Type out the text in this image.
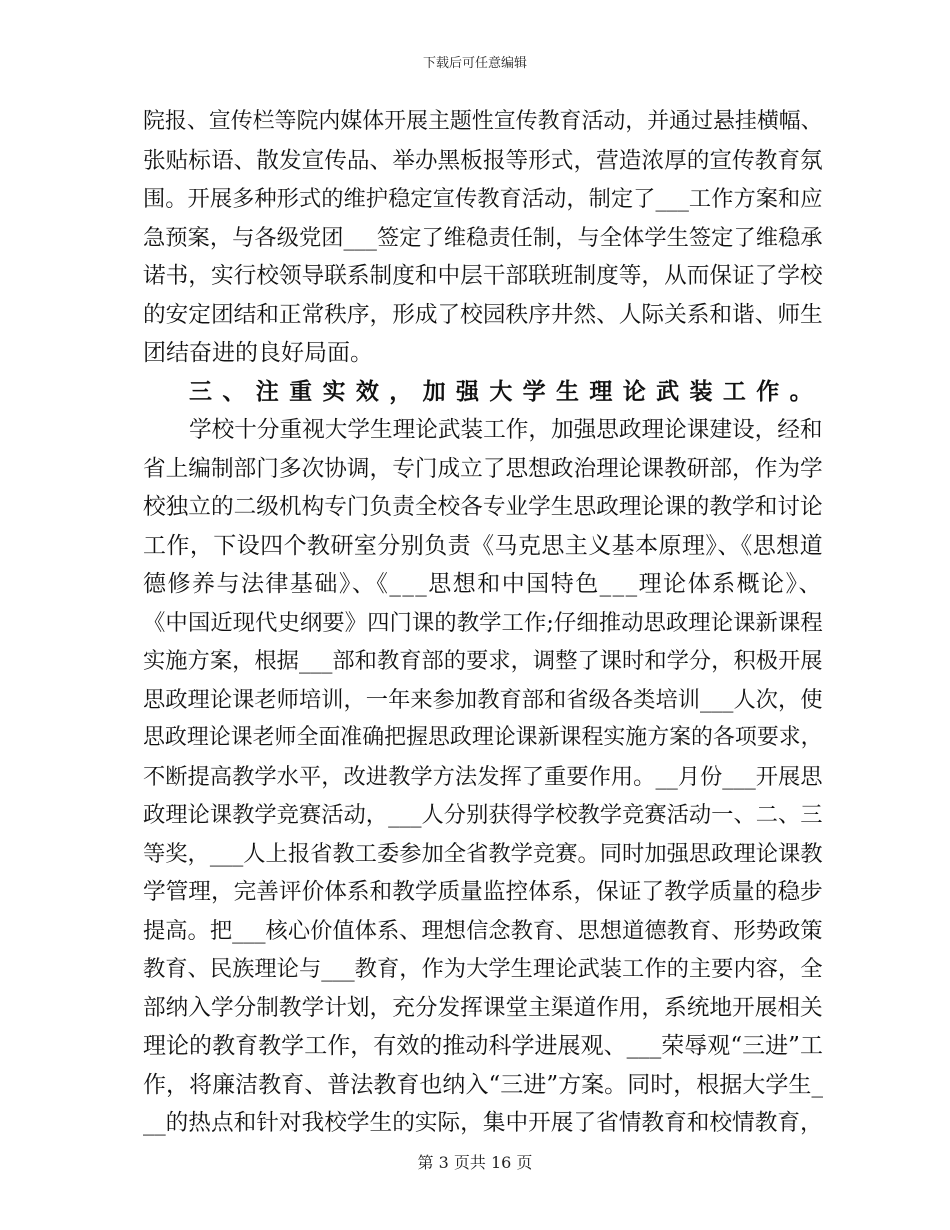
下载后可任意编辑
院报、宣传栏等院内媒体开展主题性宣传教育活动，并通过悬挂横幅、
张贴标语、散发宣传品、举办黑板报等形式，营造浓厚的宣传教育氛
围。开展多种形式的维护稳定宣传教育活动，制定了___工作方案和应
急预案，与各级党团___签定了维稳责任制，与全体学生签定了维稳承
诺书，实行校领导联系制度和中层干部联班制度等，从而保证了学校
的安定团结和正常秩序，形成了校园秩序井然、人际关系和谐、师生
团结奋进的良好局面。
三、注重实效，加强大学生理论武装工作。
学校十分重视大学生理论武装工作，加强思政理论课建设，经和
省上编制部门多次协调，专门成立了思想政治理论课教研部，作为学
校独立的二级机构专门负责全校各专业学生思政理论课的教学和讨论
工作，下设四个教研室分别负责《马克思主义基本原理》、《思想道
德修养与法律基础》、《___思想和中国特色___理论体系概论》、
《中国近现代史纲要》四门课的教学工作;仔细推动思政理论课新课程
实施方案，根据___部和教育部的要求，调整了课时和学分，积极开展
思政理论课老师培训，一年来参加教育部和省级各类培训___人次，使
思政理论课老师全面准确把握思政理论课新课程实施方案的各项要求，
不断提高教学水平，改进教学方法发挥了重要作用。__月份___开展思
政理论课教学竞赛活动，___人分别获得学校教学竞赛活动一、二、三
等奖，___人上报省教工委参加全省教学竞赛。同时加强思政理论课教
学管理，完善评价体系和教学质量监控体系，保证了教学质量的稳步
提高。把___核心价值体系、理想信念教育、思想道德教育、形势政策
教育、民族理论与___教育，作为大学生理论武装工作的主要内容，全
部纳入学分制教学计划，充分发挥课堂主渠道作用，系统地开展相关
理论的教育教学工作，有效的推动科学进展观、___荣辱观“三进”工
作，将廉洁教育、普法教育也纳入“三进”方案。同时，根据大学生_
__的热点和针对我校学生的实际，集中开展了省情教育和校情教育，
第 3 页共 16 页
